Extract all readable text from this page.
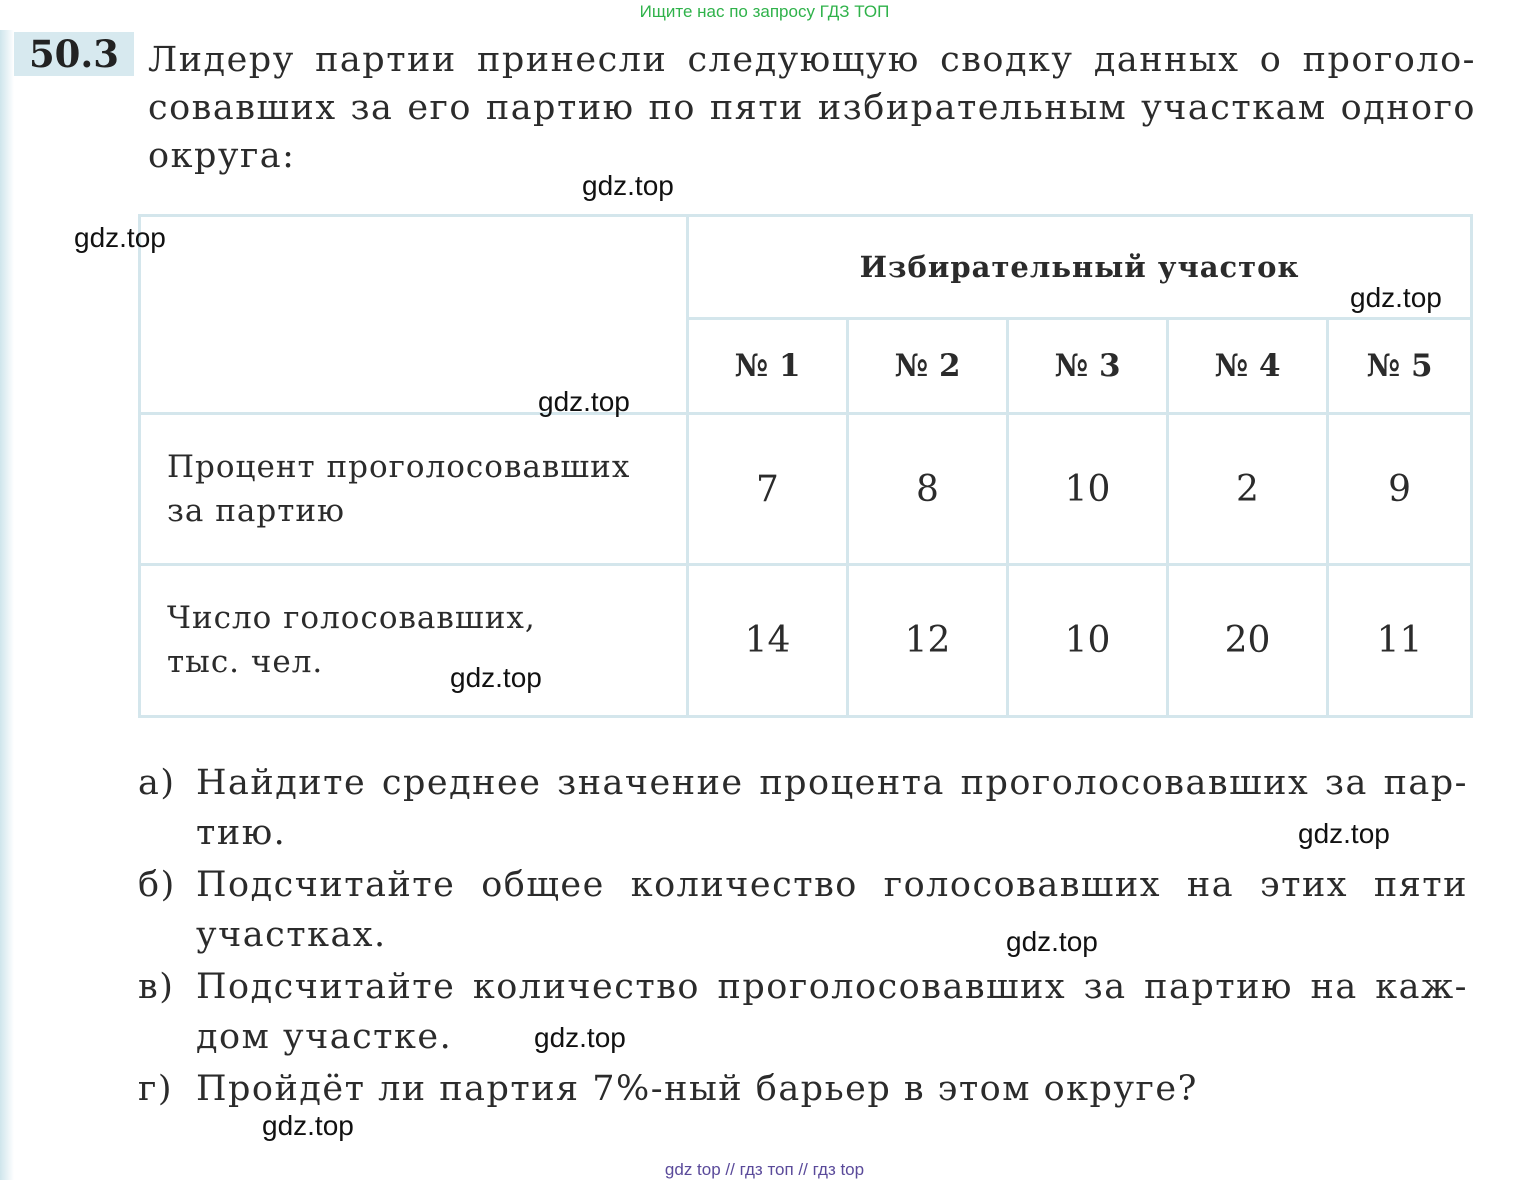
Ищите нас по запросу ГДЗ ТОП
50.3 Лидеру партии принесли следующую сводку данных о проголо-
совавших за его партию по пяти избирательным участкам одного
округа:

	Избирательный участок				
	№ 1	№ 2	№ 3	№ 4	№ 5
Процент проголосовавших
за партию	7	8	10	2	9
Число голосовавших,
тыс. чел.	14	12	10	20	11
а) Найдите среднее значение процента проголосовавших за пар-
тию.
б) Подсчитайте общее количество голосовавших на этих пяти
участках.
в) Подсчитайте количество проголосовавших за партию на каж-
дом участке.
г) Пройдёт ли партия 7%-ный барьер в этом округе?
gdz.top
gdz.top
gdz.top
gdz.top
gdz.top
gdz.top
gdz.top
gdz.top
gdz.top
gdz top // гдз топ // гдз top
